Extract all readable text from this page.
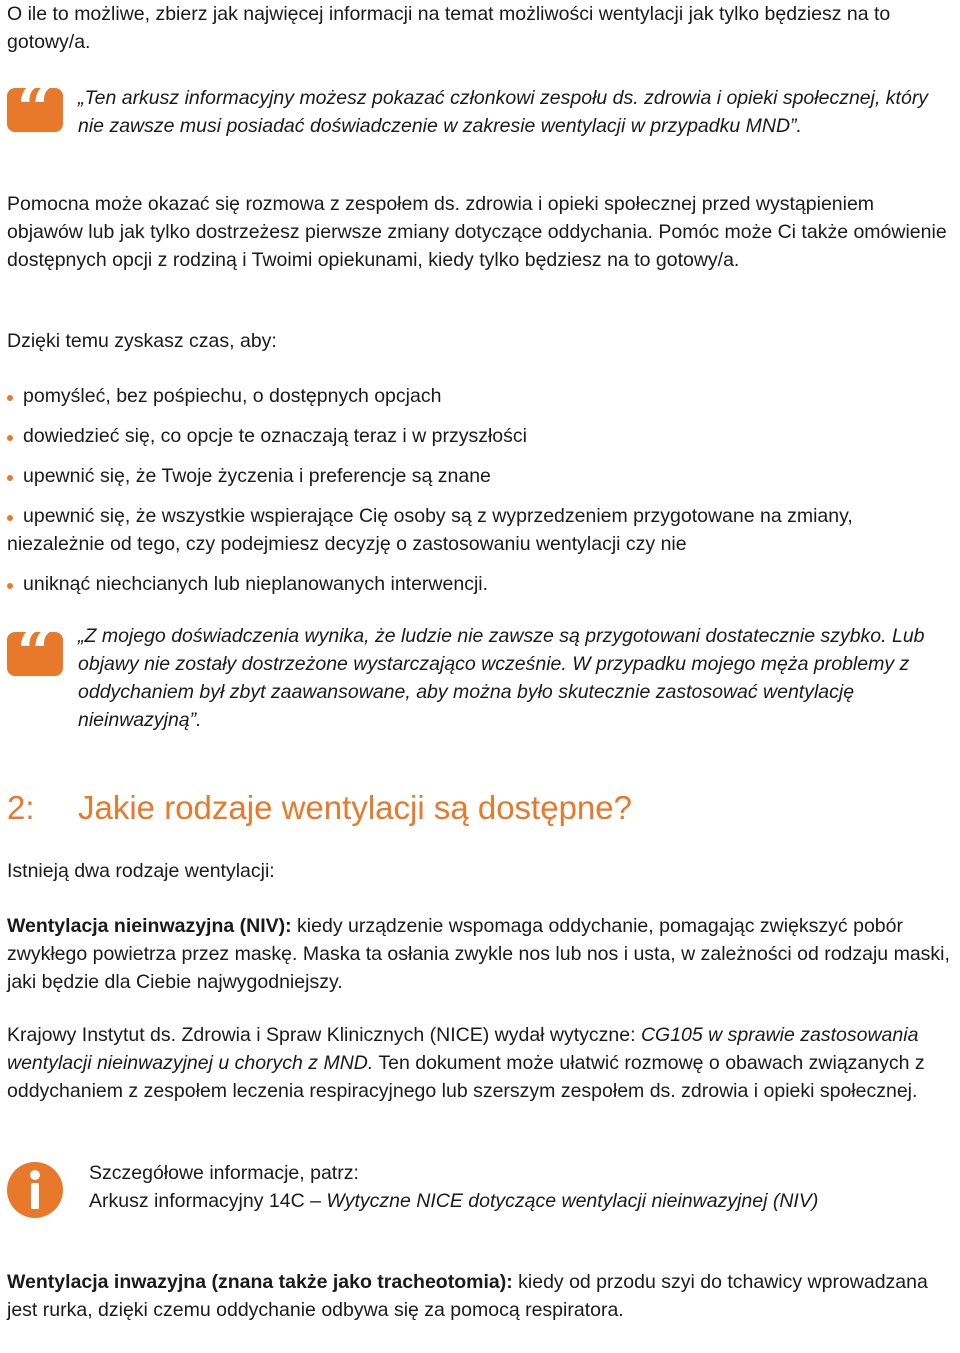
O ile to możliwe, zbierz jak najwięcej informacji na temat możliwości wentylacji jak tylko będziesz na to gotowy/a.

“	„Ten arkusz informacyjny możesz pokazać członkowi zespołu ds. zdrowia i opieki społecznej, który nie zawsze musi posiadać doświadczenie w zakresie wentylacji w przypadku MND”.

Pomocna może okazać się rozmowa z zespołem ds. zdrowia i opieki społecznej przed wystąpieniem objawów lub jak tylko dostrzeżesz pierwsze zmiany dotyczące oddychania. Pomóc może Ci także omówienie dostępnych opcji z rodziną i Twoimi opiekunami, kiedy tylko będziesz na to gotowy/a.

Dzięki temu zyskasz czas, aby:

pomyśleć, bez pośpiechu, o dostępnych opcjach
dowiedzieć się, co opcje te oznaczają teraz i w przyszłości
upewnić się, że Twoje życzenia i preferencje są znane
upewnić się, że wszystkie wspierające Cię osoby są z wyprzedzeniem przygotowane na zmiany, niezależnie od tego, czy podejmiesz decyzję o zastosowaniu wentylacji czy nie
uniknąć niechcianych lub nieplanowanych interwencji.
“	„Z mojego doświadczenia wynika, że ludzie nie zawsze są przygotowani dostatecznie szybko. Lub objawy nie zostały dostrzeżone wystarczająco wcześnie. W przypadku mojego męża problemy z oddychaniem był zbyt zaawansowane, aby można było skutecznie zastosować wentylację nieinwazyjną”.

2: Jakie rodzaje wentylacji są dostępne?

Istnieją dwa rodzaje wentylacji:

Wentylacja nieinwazyjna (NIV): kiedy urządzenie wspomaga oddychanie, pomagając zwiększyć pobór zwykłego powietrza przez maskę. Maska ta osłania zwykle nos lub nos i usta, w zależności od rodzaju maski, jaki będzie dla Ciebie najwygodniejszy.

Krajowy Instytut ds. Zdrowia i Spraw Klinicznych (NICE) wydał wytyczne: CG105 w sprawie zastosowania wentylacji nieinwazyjnej u chorych z MND. Ten dokument może ułatwić rozmowę o obawach związanych z oddychaniem z zespołem leczenia respiracyjnego lub szerszym zespołem ds. zdrowia i opieki społecznej.

Szczegółowe informacje, patrz:

Arkusz informacyjny 14C – Wytyczne NICE dotyczące wentylacji nieinwazyjnej (NIV)

Wentylacja inwazyjna (znana także jako tracheotomia): kiedy od przodu szyi do tchawicy wprowadzana jest rurka, dzięki czemu oddychanie odbywa się za pomocą respiratora.
